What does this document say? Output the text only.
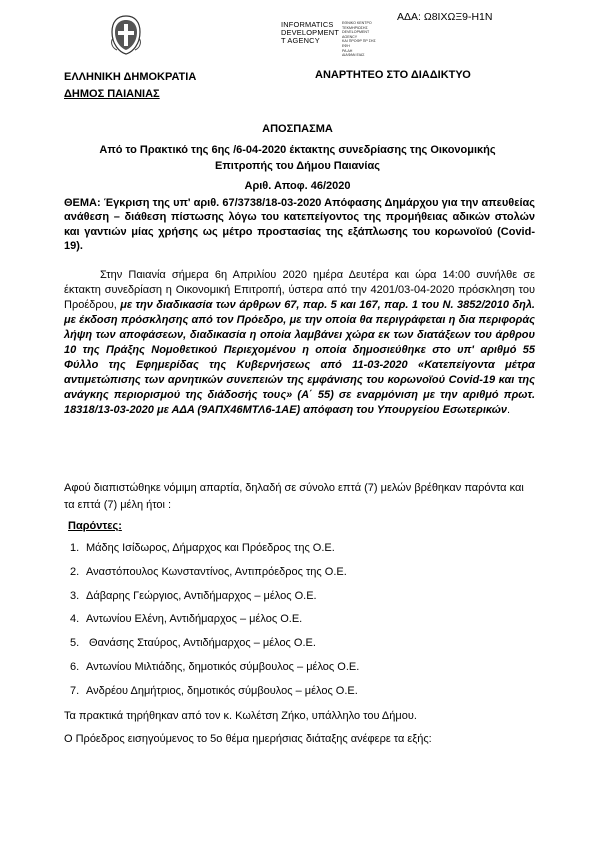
ΑΔΑ: Ω8ΙΧΩΞ9-Η1Ν
INFORMATICS
DEVELOPMENT
T AGENCY
ΕΘΝΙΚΟ ΚΕΝΤΡΟ
ΤΕΚΜΗΡΙΩΣΗΣ
DEVELOPMENT AGENCY
ΚΑΙ ΠΡΟΦΡ ΠΡ ΣΗΣ
ΕΦΗ
PA ΔΗ
ΔΙΑΦΑΝ ΕΙΑΣ
ΕΛΛΗΝΙΚΗ ΔΗΜΟΚΡΑΤΙΑ
ΔΗΜΟΣ ΠΑΙΑΝΙΑΣ
ΑΝΑΡΤΗΤΕΟ ΣΤΟ ΔΙΑΔΙΚΤΥΟ
ΑΠΟΣΠΑΣΜΑ
Από το Πρακτικό της 6ης /6-04-2020 έκτακτης συνεδρίασης της Οικονομικής
Επιτροπής του Δήμου Παιανίας
Αριθ. Αποφ. 46/2020
ΘΕΜΑ: Έγκριση της υπ' αριθ. 67/3738/18-03-2020 Απόφασης Δημάρχου για την απευθείας ανάθεση – διάθεση πίστωσης λόγω του κατεπείγοντος της προμήθειας αδικών στολών και γαντιών μίας χρήσης ως μέτρο προστασίας της εξάπλωσης του κορωνοϊού (Covid-19).
Στην Παιανία σήμερα 6η Απριλίου 2020 ημέρα Δευτέρα και ώρα 14:00 συνήλθε σε έκτακτη συνεδρίαση η Οικονομική Επιτροπή, ύστερα από την 4201/03-04-2020 πρόσκληση του Προέδρου, με την διαδικασία των άρθρων 67, παρ. 5 και 167, παρ. 1 του Ν. 3852/2010 δηλ. με έκδοση πρόσκλησης από τον Πρόεδρο, με την οποία θα περιγράφεται η δια περιφοράς λήψη των αποφάσεων, διαδικασία η οποία λαμβάνει χώρα εκ των διατάξεων του άρθρου 10 της Πράξης Νομοθετικού Περιεχομένου η οποία δημοσιεύθηκε στο υπ' αριθμό 55 Φύλλο της Εφημερίδας της Κυβερνήσεως από 11-03-2020 «Κατεπείγοντα μέτρα αντιμετώπισης των αρνητικών συνεπειών της εμφάνισης του κορωνοϊού Covid-19 και της ανάγκης περιορισμού της διάδοσής τους» (Α΄ 55) σε εναρμόνιση με την αριθμό πρωτ. 18318/13-03-2020 με ΑΔΑ (9ΑΠΧ46ΜΤΛ6-1ΑΕ) απόφαση του Υπουργείου Εσωτερικών.
Αφού διαπιστώθηκε νόμιμη απαρτία, δηλαδή σε σύνολο επτά (7) μελών βρέθηκαν παρόντα και τα επτά (7) μέλη ήτοι :
Παρόντες:
1. Μάδης Ισίδωρος, Δήμαρχος και Πρόεδρος της Ο.Ε.
2. Αναστόπουλος Κωνσταντίνος, Αντιπρόεδρος της Ο.Ε.
3. Δάβαρης Γεώργιος, Αντιδήμαρχος – μέλος Ο.Ε.
4. Αντωνίου Ελένη, Αντιδήμαρχος – μέλος Ο.Ε.
5. Θανάσης Σταύρος, Αντιδήμαρχος – μέλος Ο.Ε.
6. Αντωνίου Μιλτιάδης, δημοτικός σύμβουλος – μέλος Ο.Ε.
7. Ανδρέου Δημήτριος, δημοτικός σύμβουλος – μέλος Ο.Ε.
Τα πρακτικά τηρήθηκαν από τον κ. Κωλέτση Ζήκο, υπάλληλο του Δήμου.
Ο Πρόεδρος εισηγούμενος το 5ο θέμα ημερήσιας διάταξης ανέφερε τα εξής:
